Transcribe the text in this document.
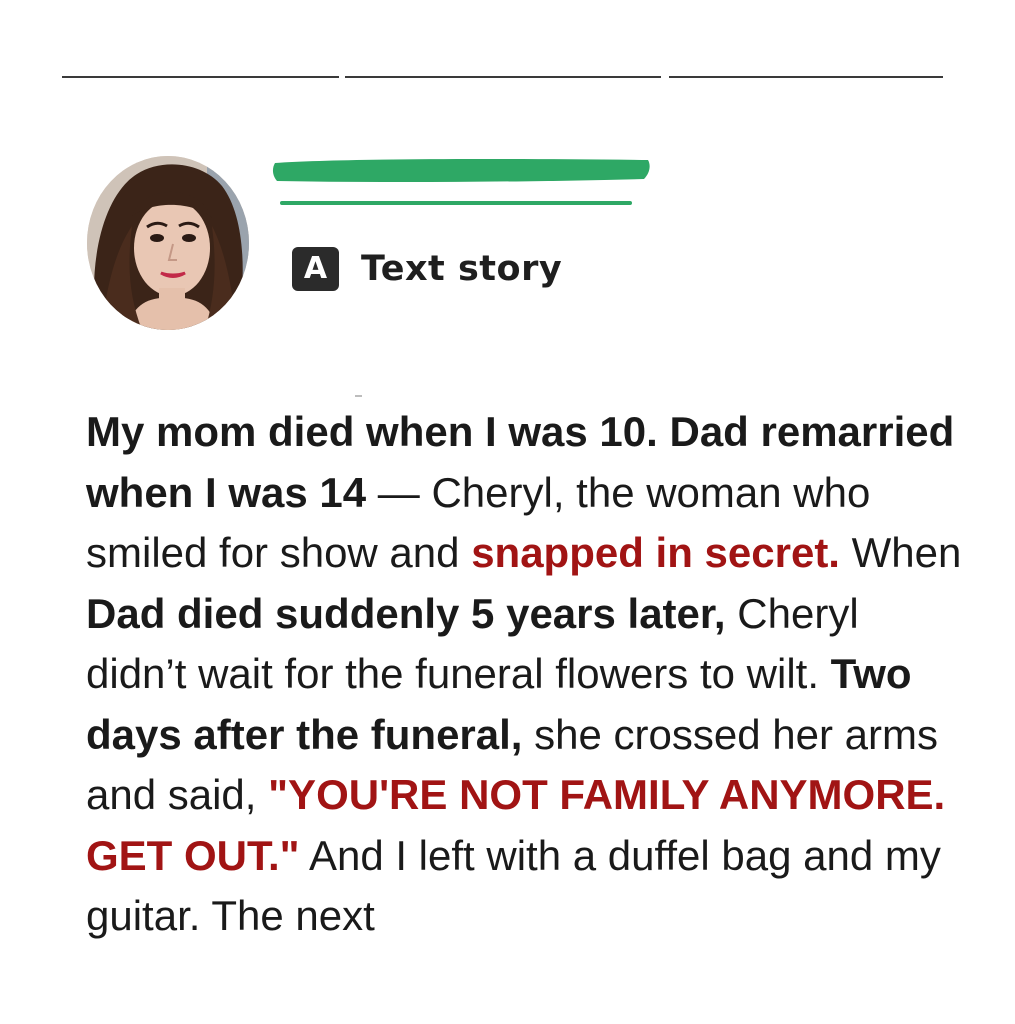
A Text story

My mom died when I was 10. Dad remarried when I was 14 — Cheryl, the woman who smiled for show and snapped in secret. When Dad died suddenly 5 years later, Cheryl didn’t wait for the funeral flowers to wilt. Two days after the funeral, she crossed her arms and said, "YOU'RE NOT FAMILY ANYMORE. GET OUT." And I left with a duffel bag and my guitar. The next
